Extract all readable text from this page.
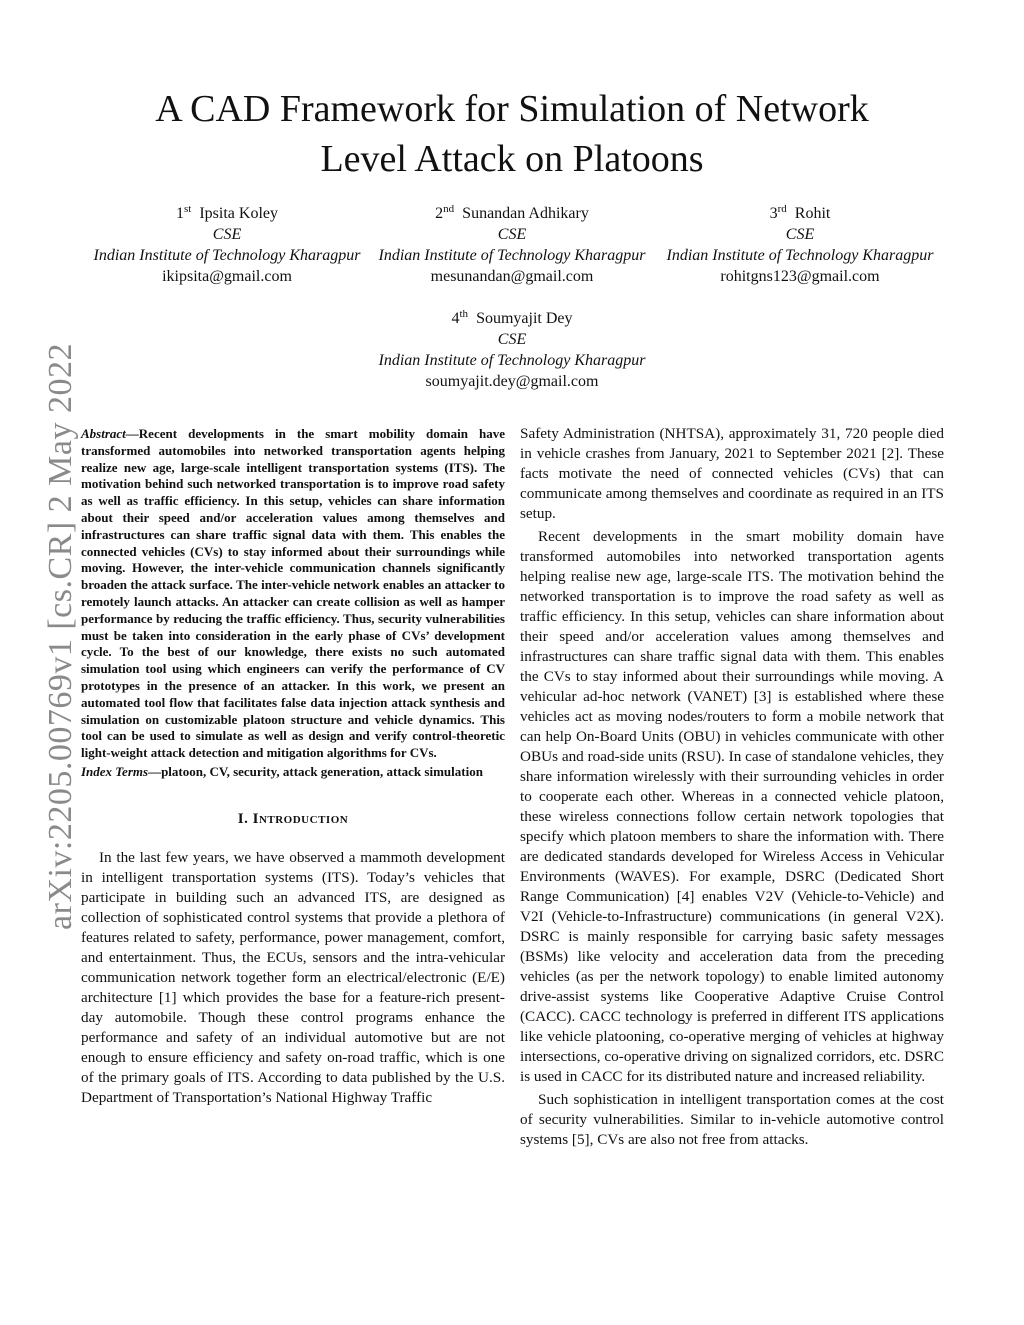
arXiv:2205.00769v1 [cs.CR] 2 May 2022
A CAD Framework for Simulation of Network
Level Attack on Platoons
1st Ipsita Koley
CSE
Indian Institute of Technology Kharagpur
ikipsita@gmail.com
2nd Sunandan Adhikary
CSE
Indian Institute of Technology Kharagpur
mesunandan@gmail.com
3rd Rohit
CSE
Indian Institute of Technology Kharagpur
rohitgns123@gmail.com
4th Soumyajit Dey
CSE
Indian Institute of Technology Kharagpur
soumyajit.dey@gmail.com

Abstract—Recent developments in the smart mobility domain have transformed automobiles into networked transportation agents helping realize new age, large-scale intelligent transportation systems (ITS). The motivation behind such networked transportation is to improve road safety as well as traffic efficiency. In this setup, vehicles can share information about their speed and/or acceleration values among themselves and infrastructures can share traffic signal data with them. This enables the connected vehicles (CVs) to stay informed about their surroundings while moving. However, the inter-vehicle communication channels significantly broaden the attack surface. The inter-vehicle network enables an attacker to remotely launch attacks. An attacker can create collision as well as hamper performance by reducing the traffic efficiency. Thus, security vulnerabilities must be taken into consideration in the early phase of CVs’ development cycle. To the best of our knowledge, there exists no such automated simulation tool using which engineers can verify the performance of CV prototypes in the presence of an attacker. In this work, we present an automated tool flow that facilitates false data injection attack synthesis and simulation on customizable platoon structure and vehicle dynamics. This tool can be used to simulate as well as design and verify control-theoretic light-weight attack detection and mitigation algorithms for CVs.

Index Terms—platoon, CV, security, attack generation, attack simulation

I. Introduction

In the last few years, we have observed a mammoth development in intelligent transportation systems (ITS). Today’s vehicles that participate in building such an advanced ITS, are designed as collection of sophisticated control systems that provide a plethora of features related to safety, performance, power management, comfort, and entertainment. Thus, the ECUs, sensors and the intra-vehicular communication network together form an electrical/electronic (E/E) architecture [1] which provides the base for a feature-rich present-day automobile. Though these control programs enhance the performance and safety of an individual automotive but are not enough to ensure efficiency and safety on-road traffic, which is one of the primary goals of ITS. According to data published by the U.S. Department of Transportation’s National Highway Traffic

Safety Administration (NHTSA), approximately 31, 720 people died in vehicle crashes from January, 2021 to September 2021 [2]. These facts motivate the need of connected vehicles (CVs) that can communicate among themselves and coordinate as required in an ITS setup.

Recent developments in the smart mobility domain have transformed automobiles into networked transportation agents helping realise new age, large-scale ITS. The motivation behind the networked transportation is to improve the road safety as well as traffic efficiency. In this setup, vehicles can share information about their speed and/or acceleration values among themselves and infrastructures can share traffic signal data with them. This enables the CVs to stay informed about their surroundings while moving. A vehicular ad-hoc network (VANET) [3] is established where these vehicles act as moving nodes/routers to form a mobile network that can help On-Board Units (OBU) in vehicles communicate with other OBUs and road-side units (RSU). In case of standalone vehicles, they share information wirelessly with their surrounding vehicles in order to cooperate each other. Whereas in a connected vehicle platoon, these wireless connections follow certain network topologies that specify which platoon members to share the information with. There are dedicated standards developed for Wireless Access in Vehicular Environments (WAVES). For example, DSRC (Dedicated Short Range Communication) [4] enables V2V (Vehicle-to-Vehicle) and V2I (Vehicle-to-Infrastructure) communications (in general V2X). DSRC is mainly responsible for carrying basic safety messages (BSMs) like velocity and acceleration data from the preceding vehicles (as per the network topology) to enable limited autonomy drive-assist systems like Cooperative Adaptive Cruise Control (CACC). CACC technology is preferred in different ITS applications like vehicle platooning, co-operative merging of vehicles at highway intersections, co-operative driving on signalized corridors, etc. DSRC is used in CACC for its distributed nature and increased reliability.

Such sophistication in intelligent transportation comes at the cost of security vulnerabilities. Similar to in-vehicle automotive control systems [5], CVs are also not free from attacks.
